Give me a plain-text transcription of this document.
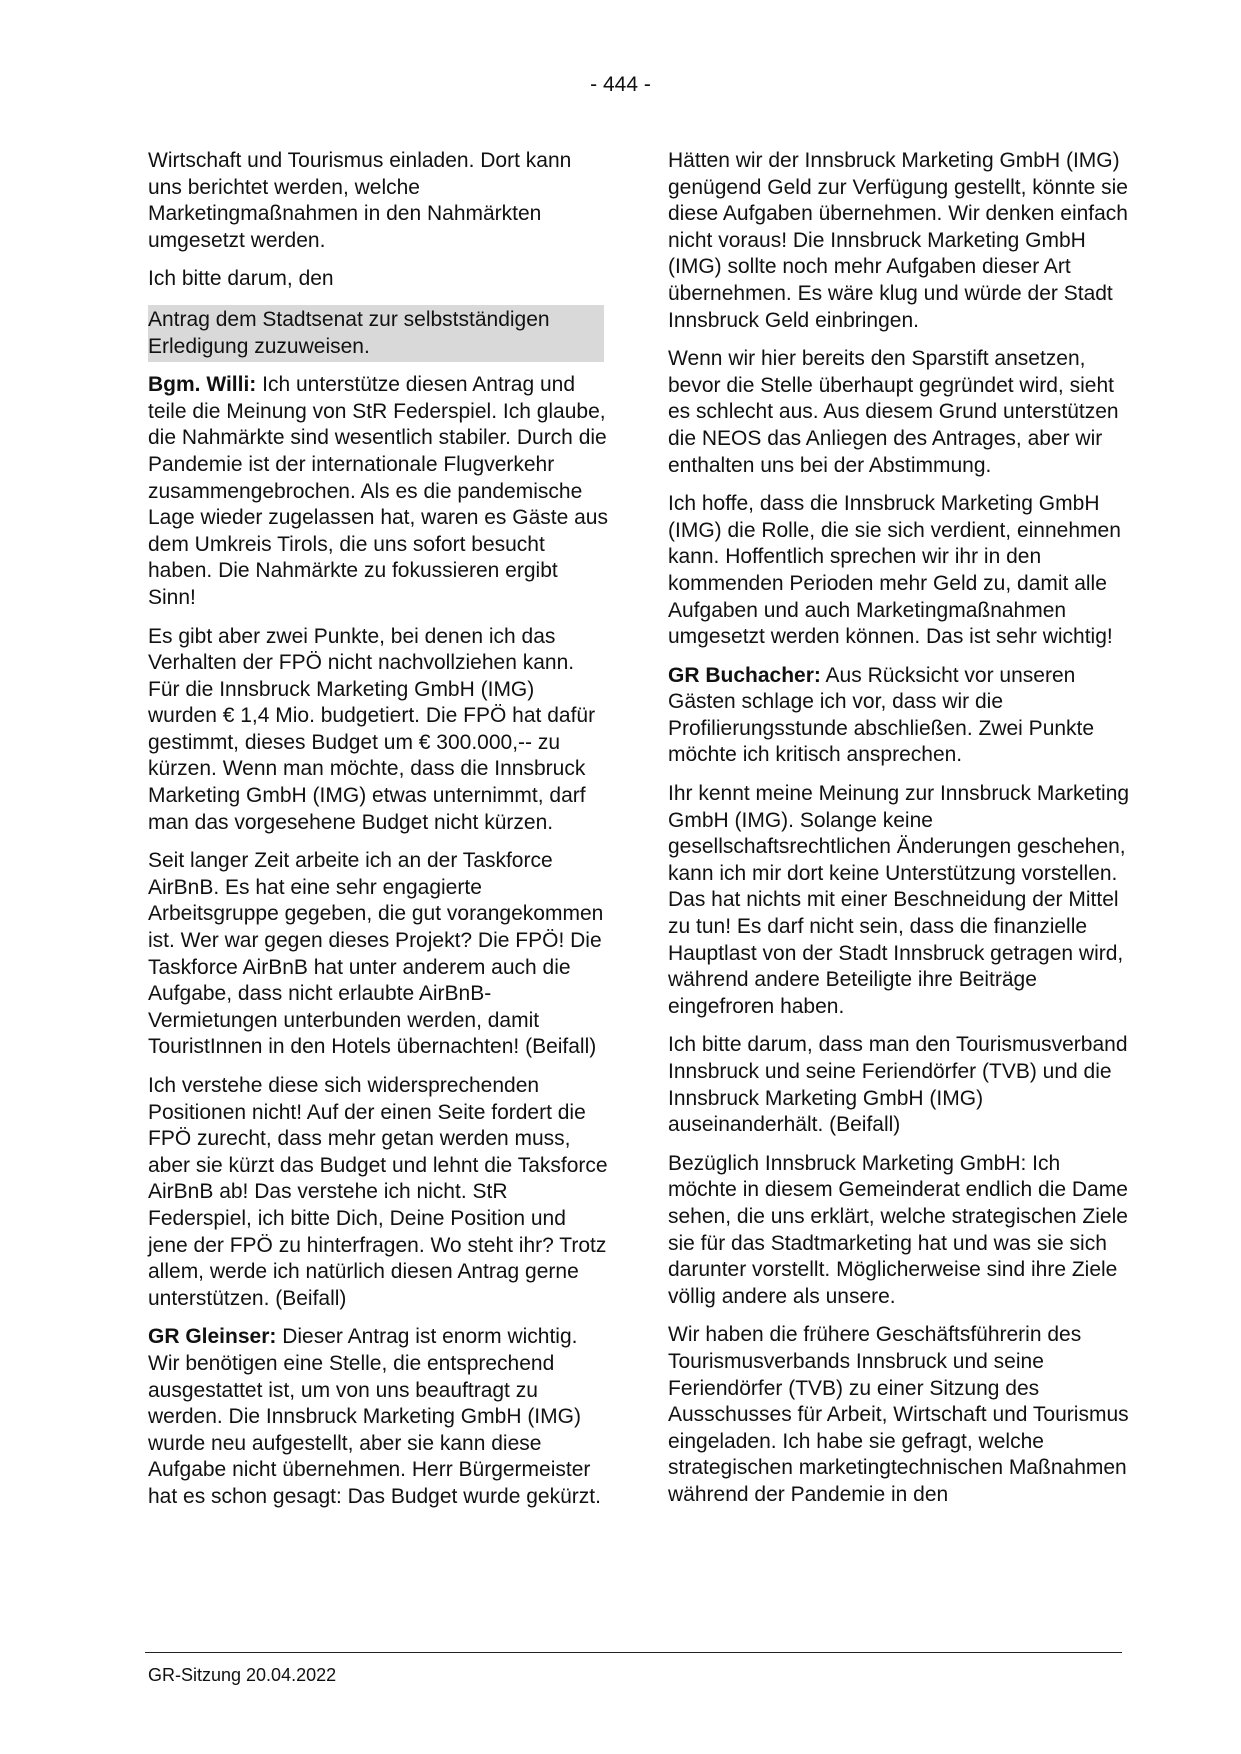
- 444 -

Wirtschaft und Tourismus einladen. Dort kann uns berichtet werden, welche Marketingmaßnahmen in den Nahmärkten umgesetzt werden.

Ich bitte darum, den

Antrag dem Stadtsenat zur selbstständigen Erledigung zuzuweisen.

Bgm. Willi: Ich unterstütze diesen Antrag und teile die Meinung von StR Federspiel. Ich glaube, die Nahmärkte sind wesentlich stabiler. Durch die Pandemie ist der internationale Flugverkehr zusammengebrochen. Als es die pandemische Lage wieder zugelassen hat, waren es Gäste aus dem Umkreis Tirols, die uns sofort besucht haben. Die Nahmärkte zu fokussieren ergibt Sinn!

Es gibt aber zwei Punkte, bei denen ich das Verhalten der FPÖ nicht nachvollziehen kann. Für die Innsbruck Marketing GmbH (IMG) wurden € 1,4 Mio. budgetiert. Die FPÖ hat dafür gestimmt, dieses Budget um € 300.000,-- zu kürzen. Wenn man möchte, dass die Innsbruck Marketing GmbH (IMG) etwas unternimmt, darf man das vorgesehene Budget nicht kürzen.

Seit langer Zeit arbeite ich an der Taskforce AirBnB. Es hat eine sehr engagierte Arbeitsgruppe gegeben, die gut vorangekommen ist. Wer war gegen dieses Projekt? Die FPÖ! Die Taskforce AirBnB hat unter anderem auch die Aufgabe, dass nicht erlaubte AirBnB-Vermietungen unterbunden werden, damit TouristInnen in den Hotels übernachten! (Beifall)

Ich verstehe diese sich widersprechenden Positionen nicht! Auf der einen Seite fordert die FPÖ zurecht, dass mehr getan werden muss, aber sie kürzt das Budget und lehnt die Taksforce AirBnB ab! Das verstehe ich nicht. StR Federspiel, ich bitte Dich, Deine Position und jene der FPÖ zu hinterfragen. Wo steht ihr? Trotz allem, werde ich natürlich diesen Antrag gerne unterstützen. (Beifall)

GR Gleinser: Dieser Antrag ist enorm wichtig. Wir benötigen eine Stelle, die entsprechend ausgestattet ist, um von uns beauftragt zu werden. Die Innsbruck Marketing GmbH (IMG) wurde neu aufgestellt, aber sie kann diese Aufgabe nicht übernehmen. Herr Bürgermeister hat es schon gesagt: Das Budget wurde gekürzt.

Hätten wir der Innsbruck Marketing GmbH (IMG) genügend Geld zur Verfügung gestellt, könnte sie diese Aufgaben übernehmen. Wir denken einfach nicht voraus! Die Innsbruck Marketing GmbH (IMG) sollte noch mehr Aufgaben dieser Art übernehmen. Es wäre klug und würde der Stadt Innsbruck Geld einbringen.

Wenn wir hier bereits den Sparstift ansetzen, bevor die Stelle überhaupt gegründet wird, sieht es schlecht aus. Aus diesem Grund unterstützen die NEOS das Anliegen des Antrages, aber wir enthalten uns bei der Abstimmung.

Ich hoffe, dass die Innsbruck Marketing GmbH (IMG) die Rolle, die sie sich verdient, einnehmen kann. Hoffentlich sprechen wir ihr in den kommenden Perioden mehr Geld zu, damit alle Aufgaben und auch Marketingmaßnahmen umgesetzt werden können. Das ist sehr wichtig!

GR Buchacher: Aus Rücksicht vor unseren Gästen schlage ich vor, dass wir die Profilierungsstunde abschließen. Zwei Punkte möchte ich kritisch ansprechen.

Ihr kennt meine Meinung zur Innsbruck Marketing GmbH (IMG). Solange keine gesellschaftsrechtlichen Änderungen geschehen, kann ich mir dort keine Unterstützung vorstellen. Das hat nichts mit einer Beschneidung der Mittel zu tun! Es darf nicht sein, dass die finanzielle Hauptlast von der Stadt Innsbruck getragen wird, während andere Beteiligte ihre Beiträge eingefroren haben.

Ich bitte darum, dass man den Tourismusverband Innsbruck und seine Feriendörfer (TVB) und die Innsbruck Marketing GmbH (IMG) auseinanderhält. (Beifall)

Bezüglich Innsbruck Marketing GmbH: Ich möchte in diesem Gemeinderat endlich die Dame sehen, die uns erklärt, welche strategischen Ziele sie für das Stadtmarketing hat und was sie sich darunter vorstellt. Möglicherweise sind ihre Ziele völlig andere als unsere.

Wir haben die frühere Geschäftsführerin des Tourismusverbands Innsbruck und seine Feriendörfer (TVB) zu einer Sitzung des Ausschusses für Arbeit, Wirtschaft und Tourismus eingeladen. Ich habe sie gefragt, welche strategischen marketingtechnischen Maßnahmen während der Pandemie in den

GR-Sitzung 20.04.2022
